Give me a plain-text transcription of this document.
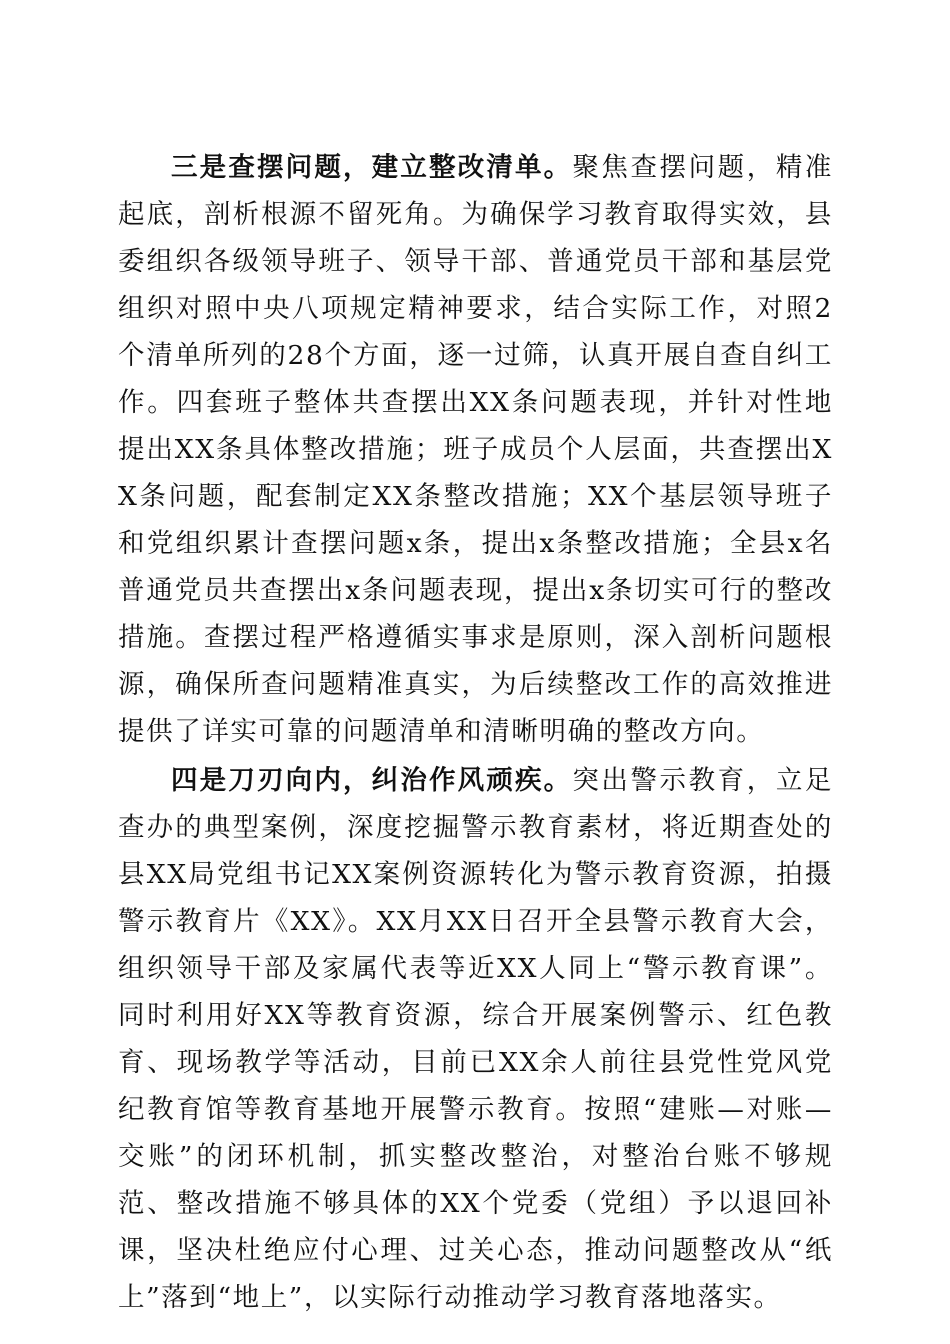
三是查摆问题，建立整改清单。聚焦查摆问题，精准起底，剖析根源不留死角。为确保学习教育取得实效，县委组织各级领导班子、领导干部、普通党员干部和基层党组织对照中央八项规定精神要求，结合实际工作，对照2个清单所列的28个方面，逐一过筛，认真开展自查自纠工作。四套班子整体共查摆出XX条问题表现，并针对性地提出XX条具体整改措施；班子成员个人层面，共查摆出XX条问题，配套制定XX条整改措施；XX个基层领导班子和党组织累计查摆问题x条，提出x条整改措施；全县x名普通党员共查摆出x条问题表现，提出x条切实可行的整改措施。查摆过程严格遵循实事求是原则，深入剖析问题根源，确保所查问题精准真实，为后续整改工作的高效推进提供了详实可靠的问题清单和清晰明确的整改方向。

四是刀刃向内，纠治作风顽疾。突出警示教育，立足查办的典型案例，深度挖掘警示教育素材，将近期查处的县XX局党组书记XX案例资源转化为警示教育资源，拍摄警示教育片《XX》。XX月XX日召开全县警示教育大会，组织领导干部及家属代表等近XX人同上“警示教育课”。同时利用好XX等教育资源，综合开展案例警示、红色教育、现场教学等活动，目前已XX余人前往县党性党风党纪教育馆等教育基地开展警示教育。按照“建账—对账—交账”的闭环机制，抓实整改整治，对整治台账不够规范、整改措施不够具体的XX个党委（党组）予以退回补课，坚决杜绝应付心理、过关心态，推动问题整改从“纸上”落到“地上”，以实际行动推动学习教育落地落实。
